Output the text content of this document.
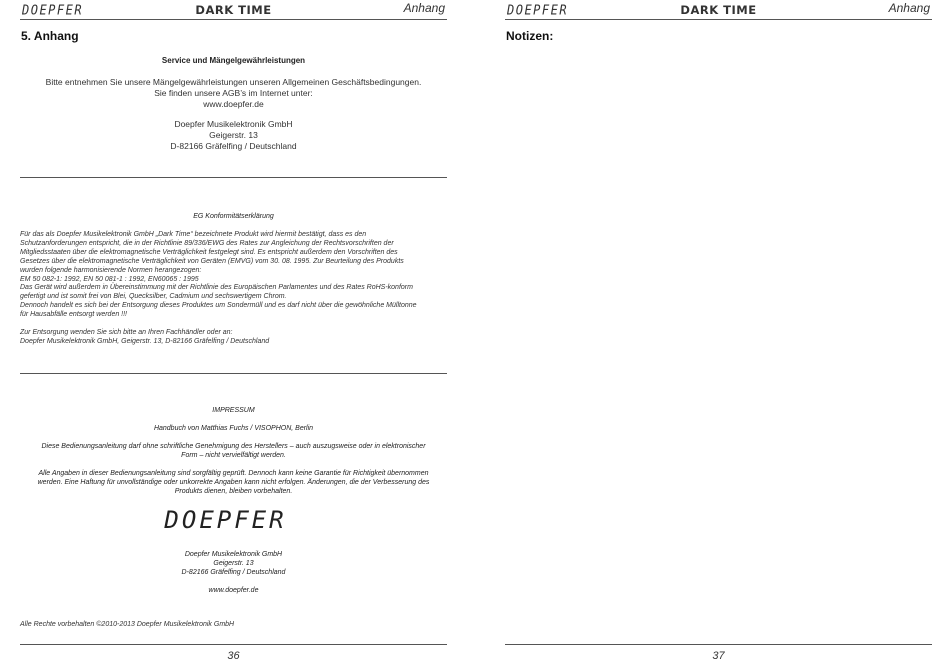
DOEPFER	DARK TIME	Anhang
5. Anhang
Service und Mängelgewährleistungen
Bitte entnehmen Sie unsere Mängelgewährleistungen unseren Allgemeinen Geschäftsbedingungen.
Sie finden unsere AGB’s im Internet unter:
www.doepfer.de
Doepfer Musikelektronik GmbH
Geigerstr. 13
D-82166 Gräfelfing / Deutschland
EG Konformitätserklärung

Für das als Doepfer Musikelektronik GmbH „Dark Time“ bezeichnete Produkt wird hiermit bestätigt, dass es den

Schutzanforderungen entspricht, die in der Richtlinie 89/336/EWG des Rates zur Angleichung der Rechtsvorschriften der

Mitgliedsstaaten über die elektromagnetische Verträglichkeit festgelegt sind. Es entspricht außerdem den Vorschriften des

Gesetzes über die elektromagnetische Verträglichkeit von Geräten (EMVG) vom 30. 08. 1995. Zur Beurteilung des Produkts

wurden folgende harmonisierende Normen herangezogen:

EM 50 082-1: 1992, EN 50 081-1 : 1992, EN60065 : 1995

Das Gerät wird außerdem in Übereinstimmung mit der Richtlinie des Europäischen Parlamentes und des Rates RoHS-konform

gefertigt und ist somit frei von Blei, Quecksilber, Cadmium und sechswertigem Chrom.

Dennoch handelt es sich bei der Entsorgung dieses Produktes um Sondermüll und es darf nicht über die gewöhnliche Mülltonne

für Hausabfälle entsorgt werden !!!

Zur Entsorgung wenden Sie sich bitte an Ihren Fachhändler oder an:

Doepfer Musikelektronik GmbH, Geigerstr. 13, D-82166 Gräfelfing / Deutschland

IMPRESSUM
Handbuch von Matthias Fuchs / VISOPHON, Berlin
Diese Bedienungsanleitung darf ohne schriftliche Genehmigung des Herstellers – auch auszugsweise oder in elektronischer
Form – nicht vervielfältigt werden.
Alle Angaben in dieser Bedienungsanleitung sind sorgfältig geprüft. Dennoch kann keine Garantie für Richtigkeit übernommen
werden. Eine Haftung für unvollständige oder unkorrekte Angaben kann nicht erfolgen. Änderungen, die der Verbesserung des
Produkts dienen, bleiben vorbehalten.
DOEPFER
Doepfer Musikelektronik GmbH
Geigerstr. 13
D-82166 Gräfelfing / Deutschland
www.doepfer.de
Alle Rechte vorbehalten ©2010-2013 Doepfer Musikelektronik GmbH
36
DOEPFER	DARK TIME	Anhang
Notizen:
37
